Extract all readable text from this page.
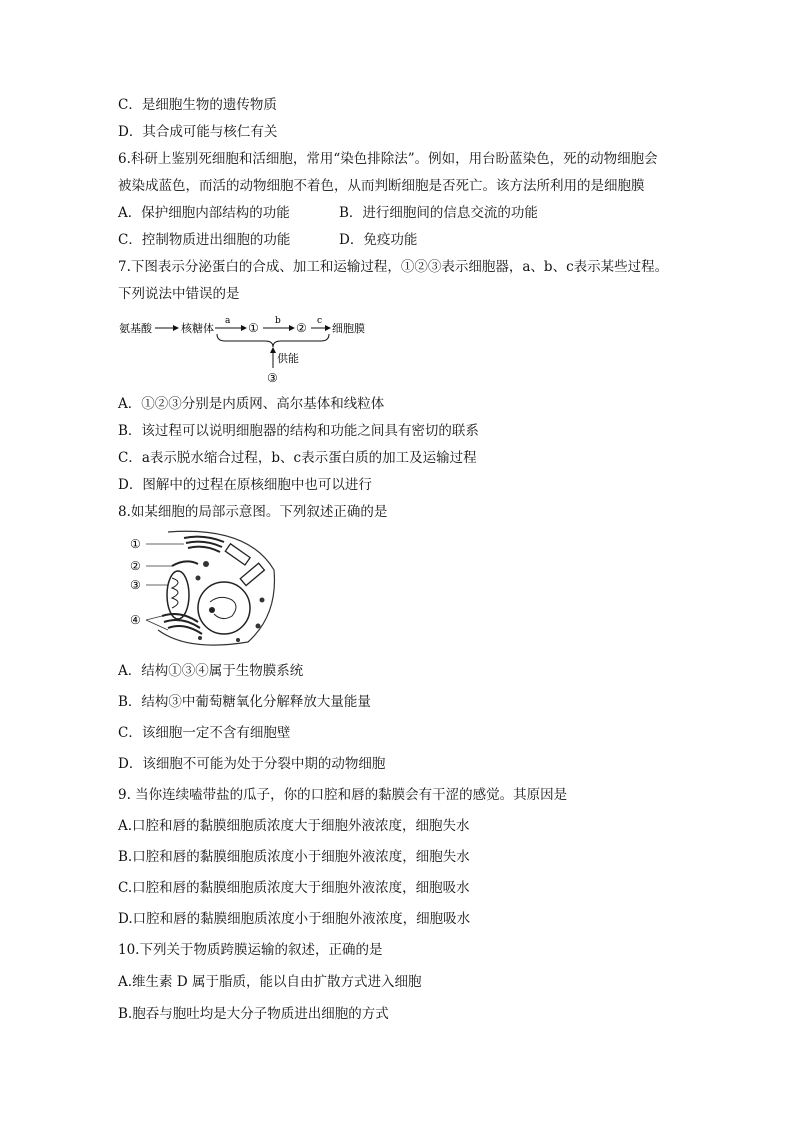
C．是细胞生物的遗传物质
D．其合成可能与核仁有关
6.科研上鉴别死细胞和活细胞，常用“染色排除法”。例如，用台盼蓝染色，死的动物细胞会
被染成蓝色，而活的动物细胞不着色，从而判断细胞是否死亡。该方法所利用的是细胞膜
A．保护细胞内部结构的功能	B．进行细胞间的信息交流的功能
C．控制物质进出细胞的功能	D．免疫功能
7.下图表示分泌蛋白的合成、加工和运输过程，①②③表示细胞器，a、b、c表示某些过程。
下列说法中错误的是
氨基酸	核糖体
a ① b ② c
细胞膜
供能
③
A．①②③分别是内质网、高尔基体和线粒体
B．该过程可以说明细胞器的结构和功能之间具有密切的联系
C．a表示脱水缩合过程，b、c表示蛋白质的加工及运输过程
D．图解中的过程在原核细胞中也可以进行
8.如某细胞的局部示意图。下列叙述正确的是
①
②
③
④
A．结构①③④属于生物膜系统
B．结构③中葡萄糖氧化分解释放大量能量
C．该细胞一定不含有细胞壁
D．该细胞不可能为处于分裂中期的动物细胞
9. 当你连续嗑带盐的瓜子，你的口腔和唇的黏膜会有干涩的感觉。其原因是
A.口腔和唇的黏膜细胞质浓度大于细胞外液浓度，细胞失水
B.口腔和唇的黏膜细胞质浓度小于细胞外液浓度，细胞失水
C.口腔和唇的黏膜细胞质浓度大于细胞外液浓度，细胞吸水
D.口腔和唇的黏膜细胞质浓度小于细胞外液浓度，细胞吸水
10.下列关于物质跨膜运输的叙述，正确的是
A.维生素 D 属于脂质，能以自由扩散方式进入细胞
B.胞吞与胞吐均是大分子物质进出细胞的方式
